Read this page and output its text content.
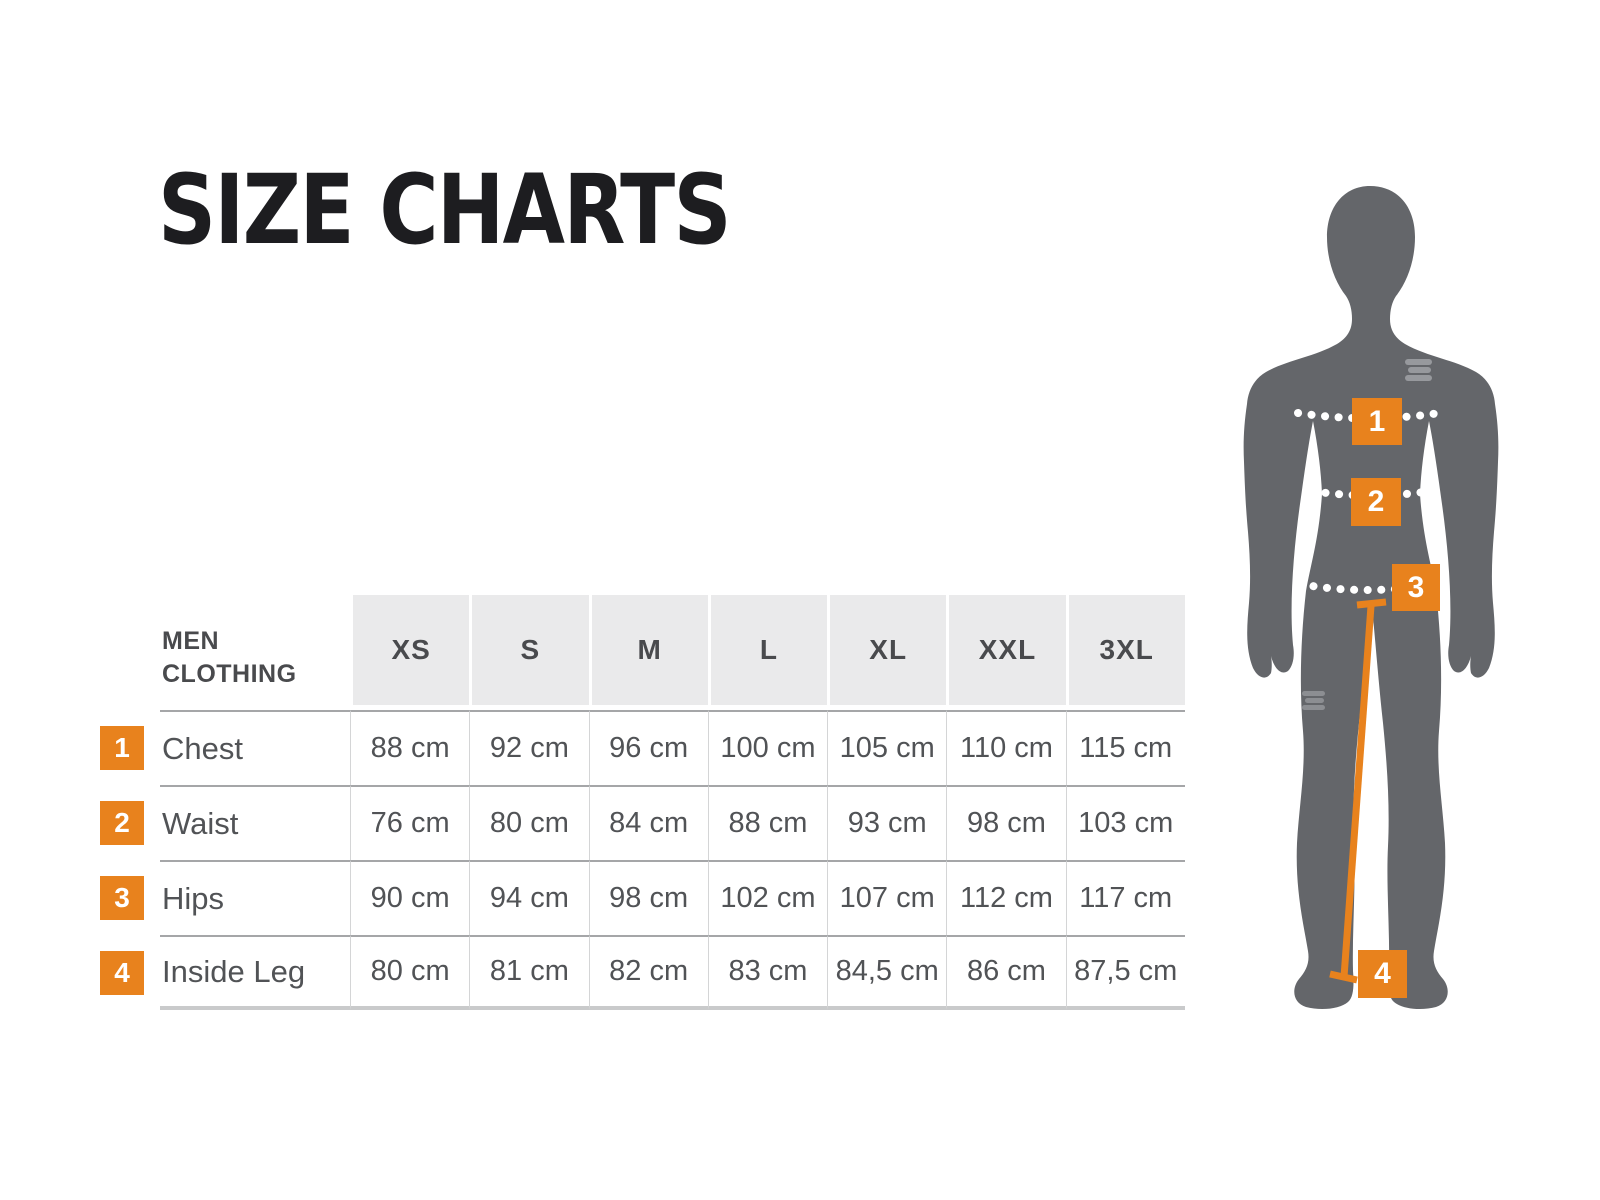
SIZE CHARTS
MEN
CLOTHING
XS	S	M	L	XL	XXL	3XL
1	Chest	88 cm	92 cm	96 cm	100 cm 105 cm 110 cm 115 cm
2	Waist	76 cm	80 cm	84 cm	88 cm	93 cm	98 cm	103 cm
3	Hips	90 cm	94 cm	98 cm	102 cm 107 cm 112 cm 117 cm
4	Inside Leg	80 cm	81 cm	82 cm	83 cm 84,5 cm 86 cm 87,5 cm
1
2
3
4
